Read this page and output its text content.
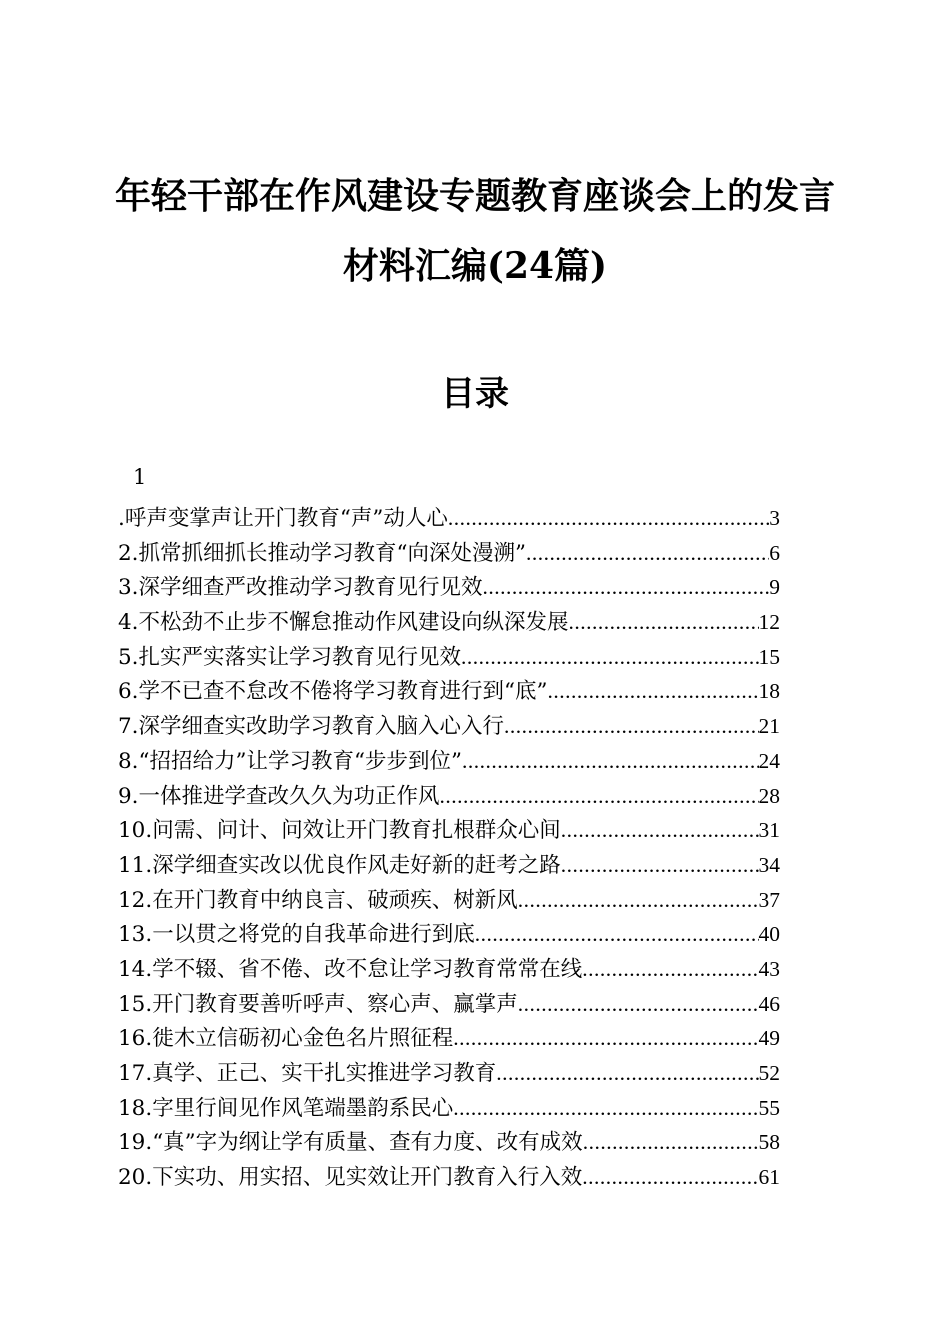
年轻干部在作风建设专题教育座谈会上的发言
材料汇编(24篇)
目录
1
.呼声变掌声让开门教育“声”动人心 .....	3
2.抓常抓细抓长推动学习教育“向深处漫溯” .....	6
3.深学细查严改推动学习教育见行见效 .....	9
4.不松劲不止步不懈怠推动作风建设向纵深发展 .....	12
5.扎实严实落实让学习教育见行见效 .....	15
6.学不已查不怠改不倦将学习教育进行到“底” .....	18
7.深学细查实改助学习教育入脑入心入行 .....	21
8.“招招给力”让学习教育“步步到位” .....	24
9.一体推进学查改久久为功正作风 .....	28
10.问需、问计、问效让开门教育扎根群众心间 .....	31
11.深学细查实改以优良作风走好新的赶考之路 .....	34
12.在开门教育中纳良言、破顽疾、树新风 .....	37
13.一以贯之将党的自我革命进行到底 .....	40
14.学不辍、省不倦、改不怠让学习教育常常在线 .....	43
15.开门教育要善听呼声、察心声、赢掌声 .....	46
16.徙木立信砺初心金色名片照征程 .....	49
17.真学、正己、实干扎实推进学习教育 .....	52
18.字里行间见作风笔端墨韵系民心 .....	55
19.“真”字为纲让学有质量、查有力度、改有成效 .....	58
20.下实功、用实招、见实效让开门教育入行入效 .....	61
